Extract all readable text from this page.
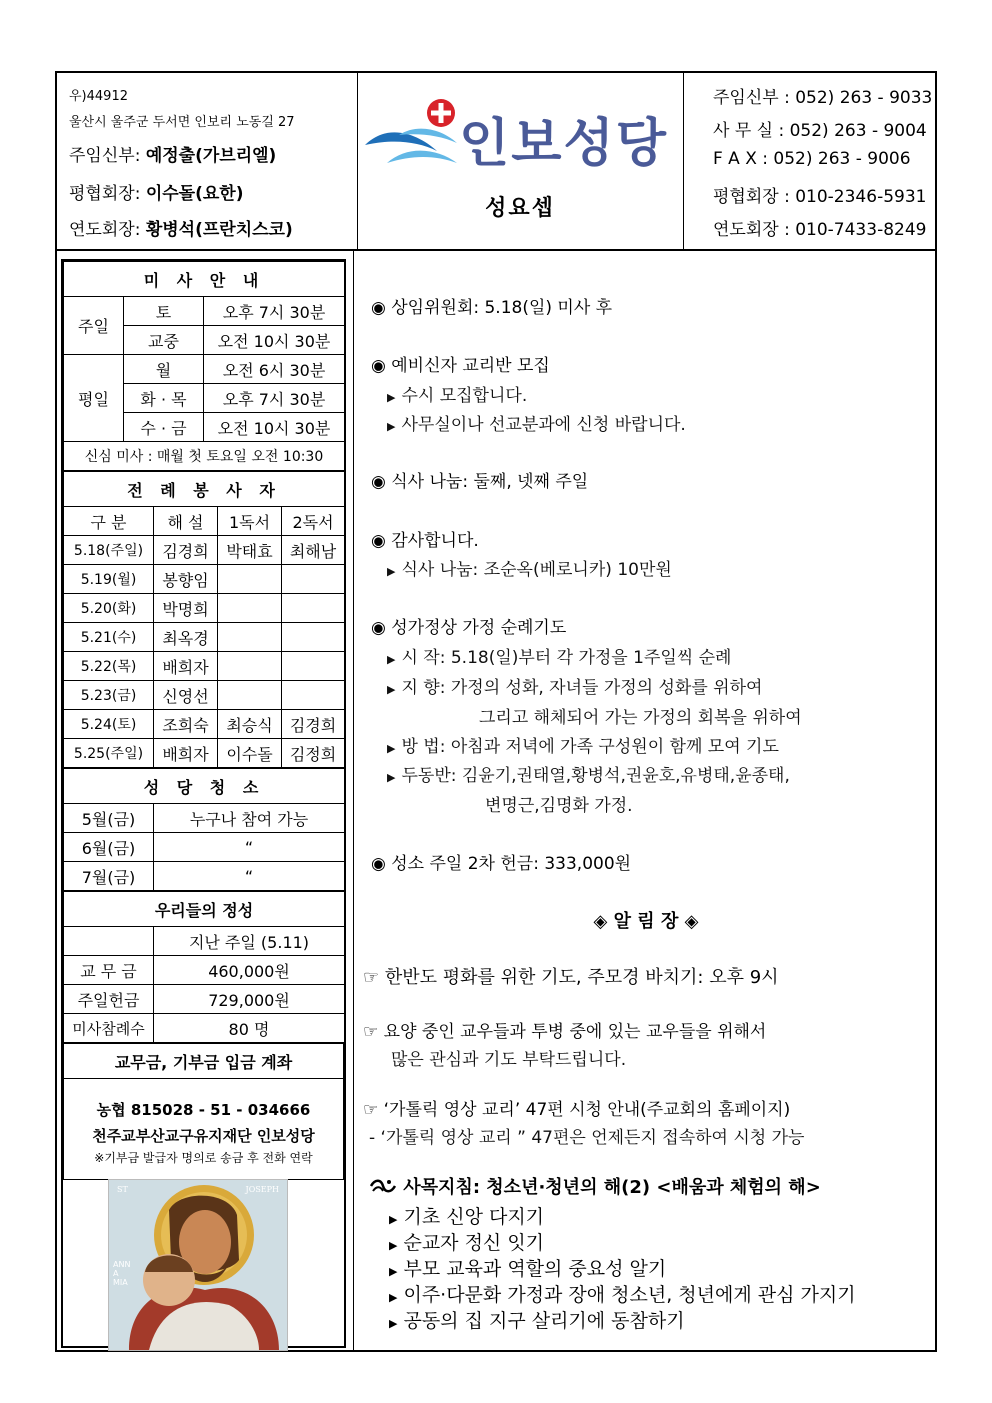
우)44912
울산시 울주군 두서면 인보리 노동길 27
주임신부: 예정출(가브리엘)
평협회장: 이수돌(요한)
연도회장: 황병석(프란치스코)
인보성당
성요셉
주임신부 : 052) 263 - 9033
사 무 실 : 052) 263 - 9004
F A X : 052) 263 - 9006
평협회장 : 010-2346-5931
연도회장 : 010-7433-8249
미 사 안 내		
주일	토	오후 7시 30분
	교중	오전 10시 30분
평일	월	오전 6시 30분
	화 · 목	오후 7시 30분
	수 · 금	오전 10시 30분
신심 미사 : 매월 첫 토요일 오전 10:30		
전 례 봉 사 자			
구 분	해 설	1독서	2독서
5.18(주일)	김경희	박태효	최해남
5.19(월)	봉향임		
5.20(화)	박명희		
5.21(수)	최옥경		
5.22(목)	배희자		
5.23(금)	신영선		
5.24(토)	조희숙	최승식	김경희
5.25(주일)	배희자	이수돌	김정희
성 당 청 소	
5월(금)	누구나 참여 가능
6월(금)	“
7월(금)	“
우리들의 정성	
	지난 주일 (5.11)
교 무 금	460,000원
주일헌금	729,000원
미사참례수	80 명
교무금, 기부금 입금 계좌

농협 815028 - 51 - 034666
천주교부산교구유지재단 인보성당
※기부금 발급자 명의로 송금 후 전화 연락
ST	JOSEPH
ANNA MIA
◉ 상임위원회: 5.18(일) 미사 후
◉ 예비신자 교리반 모집
▶ 수시 모집합니다.
▶ 사무실이나 선교분과에 신청 바랍니다.
◉ 식사 나눔: 둘째, 넷째 주일
◉ 감사합니다.
▶ 식사 나눔: 조순옥(베로니카) 10만원
◉ 성가정상 가정 순례기도
▶ 시 작: 5.18(일)부터 각 가정을 1주일씩 순례
▶ 지 향: 가정의 성화, 자녀들 가정의 성화를 위하여
그리고 해체되어 가는 가정의 회복을 위하여
▶ 방 법: 아침과 저녁에 가족 구성원이 함께 모여 기도
▶ 두동반: 김윤기,권태열,황병석,권윤호,유병태,윤종태,
변명근,김명화 가정.
◉ 성소 주일 2차 헌금: 333,000원
◈ 알 림 장 ◈
☞ 한반도 평화를 위한 기도, 주모경 바치기: 오후 9시
☞ 요양 중인 교우들과 투병 중에 있는 교우들을 위해서
많은 관심과 기도 부탁드립니다.
☞ ‘가톨릭 영상 교리’ 47편 시청 안내(주교회의 홈페이지)
- ‘가톨릭 영상 교리 ” 47편은 언제든지 접속하여 시청 가능
사목지침: 청소년·청년의 해(2) <배움과 체험의 해>
▶ 기초 신앙 다지기
▶ 순교자 정신 잇기
▶ 부모 교육과 역할의 중요성 알기
▶ 이주·다문화 가정과 장애 청소년, 청년에게 관심 가지기
▶ 공동의 집 지구 살리기에 동참하기
